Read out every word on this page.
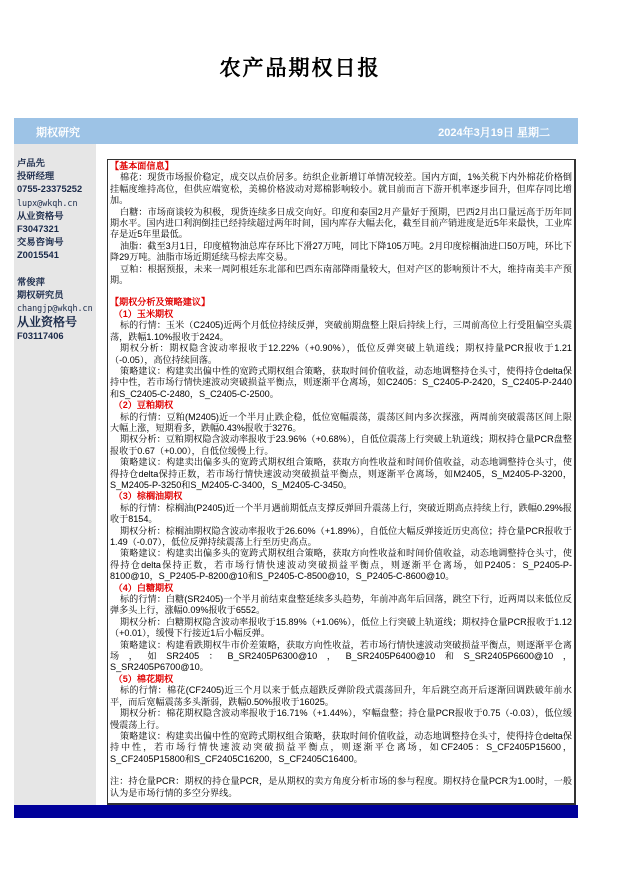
农产品期权日报
期权研究	2024年3月19日 星期二
卢品先
投研经理
0755-23375252
lupx@wkqh.cn
从业资格号
F3047321
交易咨询号
Z0015541
常俊萍
期权研究员
changjp@wkqh.cn
从业资格号
F03117406

【基本面信息】

棉花：现货市场报价稳定，成交以点价居多。纺织企业新增订单情况较差。国内方面，1%关税下内外棉花价格倒挂幅度维持高位，但供应端宽松，美棉价格波动对郑棉影响较小。就目前而言下游开机率逐步回升，但库存同比增加。

白糖：市场商谈较为积极，现货连续多日成交向好。印度和泰国2月产量好于预期，巴西2月出口量远高于历年同期水平。国内进口利润倒挂已经持续超过两年时间，国内库存大幅去化，截至目前产销进度是近5年来最快，工业库存是近5年里最低。

油脂：截至3月1日，印度植物油总库存环比下滑27万吨，同比下降105万吨。2月印度棕榈油进口50万吨，环比下降29万吨。油脂市场近期延续马棕去库交易。

豆粕：根据预报，未来一周阿根廷东北部和巴西东南部降雨量较大，但对产区的影响预计不大，维持南美丰产预期。

【期权分析及策略建议】

（1）玉米期权

标的行情：玉米（C2405)近两个月低位持续反弹，突破前期盘整上限后持续上行，三周前高位上行受阻偏空头震荡，跌幅1.10%报收于2424。

期权分析：期权隐含波动率报收于12.22%（+0.90%），低位反弹突破上轨道线；期权持量PCR报收于1.21（-0.05），高位持续回落。

策略建议：构建卖出偏中性的宽跨式期权组合策略，获取时间价值收益，动态地调整持仓头寸，使得持仓delta保持中性，若市场行情快速波动突破损益平衡点，则逐渐平仓离场，如C2405：S_C2405-P-2420，S_C2405-P-2440和S_C2405-C-2480，S_C2405-C-2500。

（2）豆粕期权

标的行情：豆粕(M2405)近一个半月止跌企稳，低位宽幅震荡，震荡区间内多次探涨，两周前突破震荡区间上限大幅上涨，短期看多，跌幅0.43%报收于3276。

期权分析：豆粕期权隐含波动率报收于23.96%（+0.68%），自低位震荡上行突破上轨道线；期权持仓量PCR盘整报收于0.67（+0.00），自低位缓慢上行。

策略建议：构建卖出偏多头的宽跨式期权组合策略，获取方向性收益和时间价值收益，动态地调整持仓头寸，使得持仓delta保持正数，若市场行情快速波动突破损益平衡点，则逐渐平仓离场，如M2405，S_M2405-P-3200，S_M2405-P-3250和S_M2405-C-3400，S_M2405-C-3450。

（3）棕榈油期权

标的行情：棕榈油(P2405)近一个半月遇前期低点支撑反弹回升震荡上行，突破近期高点持续上行，跌幅0.29%报收于8154。

期权分析：棕榈油期权隐含波动率报收于26.60%（+1.89%），自低位大幅反弹接近历史高位；持仓量PCR报收于1.49（-0.07），低位反弹持续震荡上行至历史高点。

策略建议：构建卖出偏多头的宽跨式期权组合策略，获取方向性收益和时间价值收益，动态地调整持仓头寸，使得持仓delta保持正数，若市场行情快速波动突破损益平衡点，则逐渐平仓离场，如P2405：S_P2405-P-8100@10，S_P2405-P-8200@10和S_P2405-C-8500@10，S_P2405-C-8600@10。

（4）白糖期权

标的行情：白糖(SR2405)一个半月前结束盘整延续多头趋势，年前冲高年后回落，跳空下行，近两周以来低位反弹多头上行，涨幅0.09%报收于6552。

期权分析：白糖期权隐含波动率报收于15.89%（+1.06%），低位上行突破上轨道线；期权持仓量PCR报收于1.12（+0.01），缓慢下行接近1后小幅反弹。

策略建议：构建看跌期权牛市价差策略，获取方向性收益，若市场行情快速波动突破损益平衡点，则逐渐平仓离场，如SR2405：B_SR2405P6300@10，B_SR2405P6400@10和S_SR2405P6600@10，S_SR2405P6700@10。

（5）棉花期权

标的行情：棉花(CF2405)近三个月以来于低点超跌反弹阶段式震荡回升，年后跳空高开后逐渐回调跌破年前水平，而后宽幅震荡多头渐弱，跌幅0.50%报收于16025。

期权分析：棉花期权隐含波动率报收于16.71%（+1.44%），窄幅盘整；持仓量PCR报收于0.75（-0.03），低位缓慢震荡上行。

策略建议：构建卖出偏中性的宽跨式期权组合策略，获取时间价值收益，动态地调整持仓头寸，使得持仓delta保持中性，若市场行情快速波动突破损益平衡点，则逐渐平仓离场，如CF2405：S_CF2405P15600，S_CF2405P15800和S_CF2405C16200，S_CF2405C16400。

注：持仓量PCR：期权的持仓量PCR，是从期权的卖方角度分析市场的参与程度。期权持仓量PCR为1.00时，一般认为是市场行情的多空分界线。
